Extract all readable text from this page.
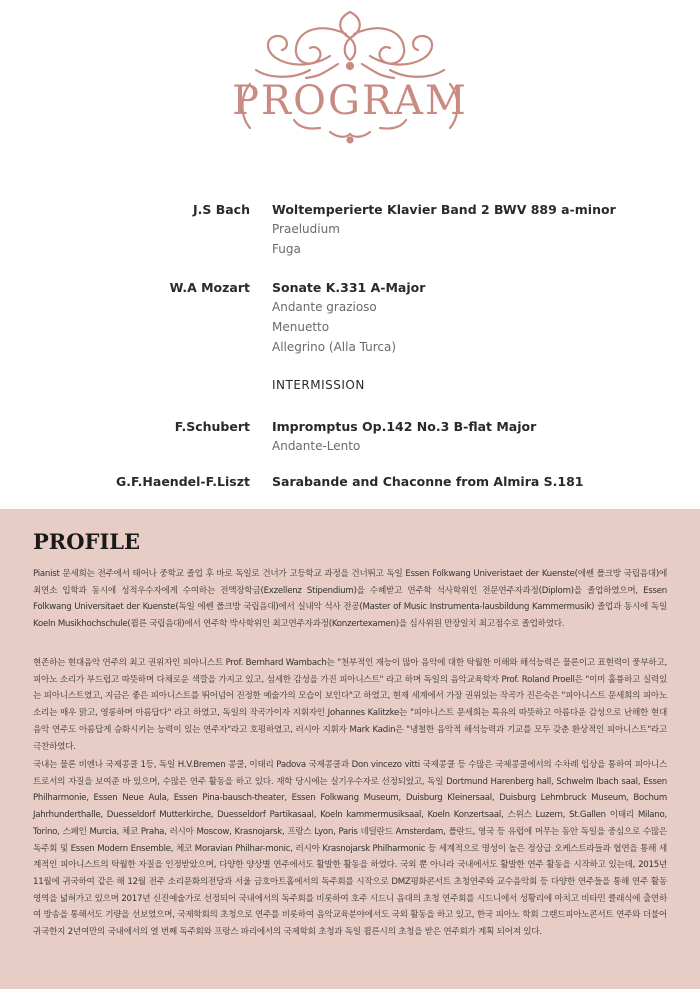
PROGRAM
J.S Bach Woltemperierte Klavier Band 2 BWV 889 a-minor
Praeludium
Fuga
W.A Mozart Sonate K.331 A-Major
Andante grazioso
Menuetto
Allegrino (Alla Turca)
INTERMISSION
F.Schubert Impromptus Op.142 No.3 B-flat Major
Andante-Lento
G.F.Haendel-F.Liszt Sarabande and Chaconne from Almira S.181
PROFILE

Pianist 문세희는 전주에서 태어나 중학교 졸업 후 바로 독일로 건너가 고등학교 과정을 건너뛰고 독일 Essen Folkwang Univeristaet der Kuenste(에쎈 폴크방 국립음대)에 최연소 입학과 동시에 성적우수자에게 수여하는 전액장학금(Exzellenz Stipendium)을 수혜받고 연주학 석사학위인 전문연주자과정(Diplom)을 졸업하였으며, Essen Folkwang Universitaet der Kuenste(독일 에쎈 폴크방 국립음대)에서 실내악 석사 전공(Master of Music Instrumenta-lausbildung Kammermusik) 졸업과 동시에 독일 Koeln Musikhochschule(쾰른 국립음대)에서 연주학 박사학위인 최고연주자과정(Konzertexamen)을 심사위원 만장일치 최고점수로 졸업하였다.

현존하는 현대음악 연주의 최고 권위자인 피아니스트 Prof. Bernhard Wambach는 "천부적인 재능이 많아 음악에 대한 탁월한 이해와 해석능력은 물론이고 표현력이 풍부하고, 피아노 소리가 부드럽고 따뜻하며 다채로운 색깔을 가지고 있고, 섬세한 감성을 가진 피아니스트" 라고 하며 독일의 음악교육학자 Prof. Roland Proell은 "이미 훌륭하고 실력있는 피아니스트였고, 지금은 좋은 피아니스트를 뛰어넘어 진정한 예술가의 모습이 보인다"고 하였고, 현재 세계에서 가장 권위있는 작곡가 진은숙은 "피아니스트 문세희의 피아노 소리는 매우 맑고, 영롱하며 아름답다" 라고 하였고, 독일의 작곡가이자 지휘자인 Johannes Kalitzke는 "피아니스트 문세희는 특유의 따뜻하고 아름다운 감성으로 난해한 현대음악 연주도 아름답게 승화시키는 능력이 있는 연주자"라고 호평하였고, 러시아 지휘자 Mark Kadin은 "냉철한 음악적 해석능력과 기교를 모두 갖춘 환상적인 피아니스트"라고 극찬하였다.

국내는 물론 비엔나 국제콩쿨 1등, 독일 H.V.Bremen 콩쿨, 이태리 Padova 국제콩쿨과 Don vincezo vitti 국제콩쿨 등 수많은 국제콩쿨에서의 수차례 입상을 통하여 피아니스트로서의 자질을 보여준 바 있으며, 수많은 연주 활동을 하고 있다. 재학 당시에는 실기우수자로 선정되었고, 독일 Dortmund Harenberg hall, Schwelm Ibach saal, Essen Philharmonie, Essen Neue Aula, Essen Pina-bausch-theater, Essen Folkwang Museum, Duisburg Kleinersaal, Duisburg Lehmbruck Museum, Bochum Jahrhunderthalle, Duesseldorf Mutterkirche, Duesseldorf Partikasaal, Koeln kammermusiksaal, Koeln Konzertsaal, 스위스 Luzern, St.Gallen 이태리 Milano, Torino, 스페인 Murcia, 체코 Praha, 러시아 Moscow, Krasnojarsk, 프랑스 Lyon, Paris 네덜란드 Amsterdam, 폴란드, 영국 등 유럽에 머무는 동안 독일을 중심으로 수많은 독주회 및 Essen Modern Ensemble, 체코 Moravian Philhar-monic, 러시아 Krasnojarsk Philharmonic 등 세계적으로 명성이 높은 정상급 오케스트라들과 협연을 통해 세계적인 피아니스트의 탁월한 자질을 인정받았으며, 다양한 양상별 연주에서도 활발한 활동을 하였다. 국외 뿐 아니라 국내에서도 활발한 연주 활동을 시작하고 있는데, 2015년 11월에 귀국하여 같은 해 12월 전주 소리문화의전당과 서울 금호아트홀에서의 독주회를 시작으로 DMZ평화콘서트 초청연주와 교수음악회 등 다양한 연주들을 통해 연주 활동영역을 넓혀가고 있으며 2017년 신진예술가로 선정되어 국내에서의 독주회를 비롯하여 호주 시드니 음대의 초청 연주회를 시드니에서 성황리에 마치고 비타민 클래식에 출연하여 방송을 통해서도 기량을 선보였으며, 국제학회의 초청으로 연주를 비롯하여 음악교육분야에서도 국외 활동을 하고 있고, 한국 피아노 학회 그랜드피아노콘서트 연주와 더불어 귀국한지 2년여만의 국내에서의 열 번째 독주회와 프랑스 파리에서의 국제학회 초청과 독일 쾰른시의 초청을 받은 연주회가 계획 되어져 있다.
